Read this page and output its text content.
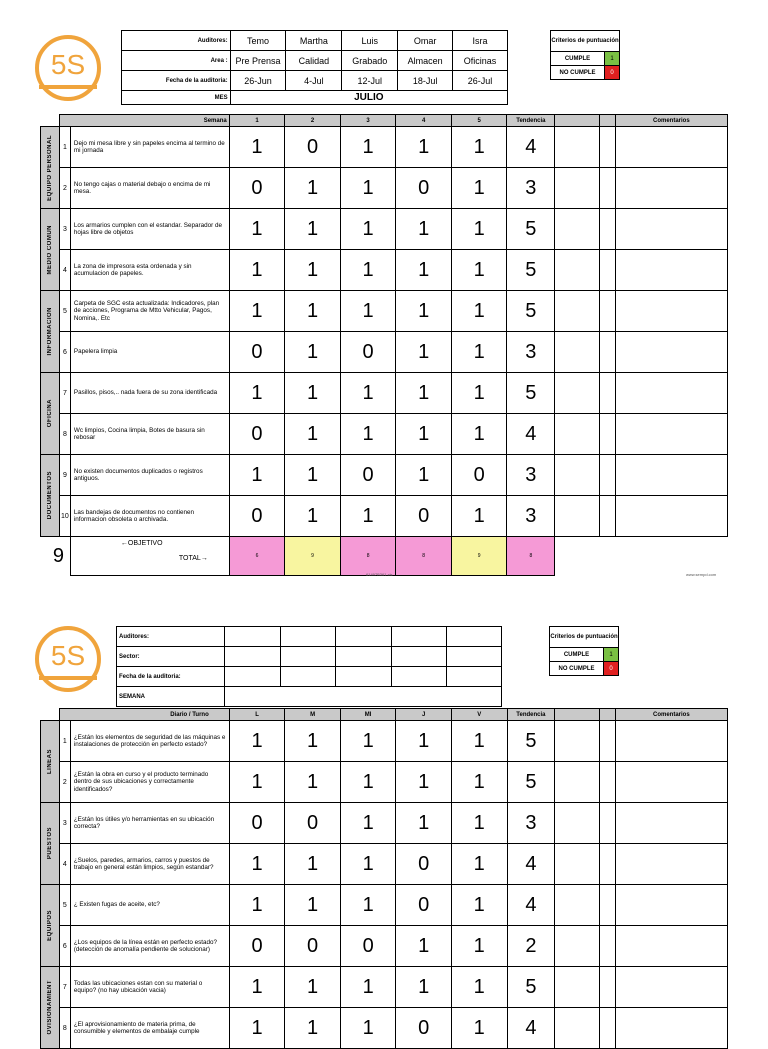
5S
Auditores:	Temo	Martha	Luis	Omar	Isra
Area :	Pre Prensa	Calidad	Grabado	Almacen	Oficinas
Fecha de la auditoria:	26-Jun	4-Jul	12-Jul	18-Jul	26-Jul
MES	JULIO				
Criterios de puntuación	
CUMPLE	1
NO CUMPLE	0
	Semana		1	2	3	4	5	Tendencia			Comentarios

EQUIPO PERSONAL	1	Dejo mi mesa libre y sin papeles encima al termino de mi jornada	1	0	1	1	1	4			
	2	No tengo cajas o material debajo o encima de mi mesa.	0	1	1	0	1	3			

MEDIO COMUN	3	Los armarios cumplen con el estandar. Separador de hojas libre de objetos	1	1	1	1	1	5			
	4	La zona de impresora esta ordenada y sin acumulacion de papeles.	1	1	1	1	1	5			

INFORMACION	5	Carpeta de SGC esta actualizada: Indicadores, plan de acciones, Programa de Mtto Vehicular, Pagos, Nomina,. Etc	1	1	1	1	1	5			
	6	Papelera limpia	0	1	0	1	1	3			

OFICINA	7	Pasillos, pisos,.. nada fuera de su zona identificada	1	1	1	1	1	5			
	8	Wc limpios, Cocina limpia, Botes de basura sin rebosar	0	1	1	1	1	4			

DOCUMENTOS	9	No existen documentos duplicados o registros antiguos.	1	1	0	1	0	3			
	10	Las bandejas de documentos no contienen informacion obsoleta o archivada.	0	1	1	0	1	3			

		9
←OBJETIVO
TOTAL→	6	9	8	8	9	8			
61497B361.xls	www.sempd.com
5S
Auditores:					
Sector:					
Fecha de la auditoria:					
SEMANA					
Criterios de puntuación	
CUMPLE	1
NO CUMPLE	0
	Diario / Turno		L	M	MI	J	V	Tendencia			Comentarios

LINEAS	1	¿Están los elementos de seguridad de las máquinas e instalaciones de protección en perfecto estado?	1	1	1	1	1	5			
	2	¿Están la obra en curso y el producto terminado dentro de sus ubicaciones y correctamente identificados?	1	1	1	1	1	5			

PUESTOS	3	¿Están los útiles y/o herramientas en su ubicación correcta?	0	0	1	1	1	3			
	4	¿Suelos, paredes, armarios, carros y puestos de trabajo en general están limpios, según estandar?	1	1	1	0	1	4			

EQUIPOS	5	¿ Existen fugas de aceite, etc?	1	1	1	0	1	4			
	6	¿Los equipos de la línea están en perfecto estado? (detección de anomalía pendiente de solucionar)	0	0	0	1	1	2			

OVISIONAMIENT	7	Todas las ubicaciones estan con su material o equipo? (no hay ubicación vacia)	1	1	1	1	1	5			
	8	¿El aprovisionamiento de materia prima, de consumible y elementos de embalaje cumple	1	1	1	0	1	4			
